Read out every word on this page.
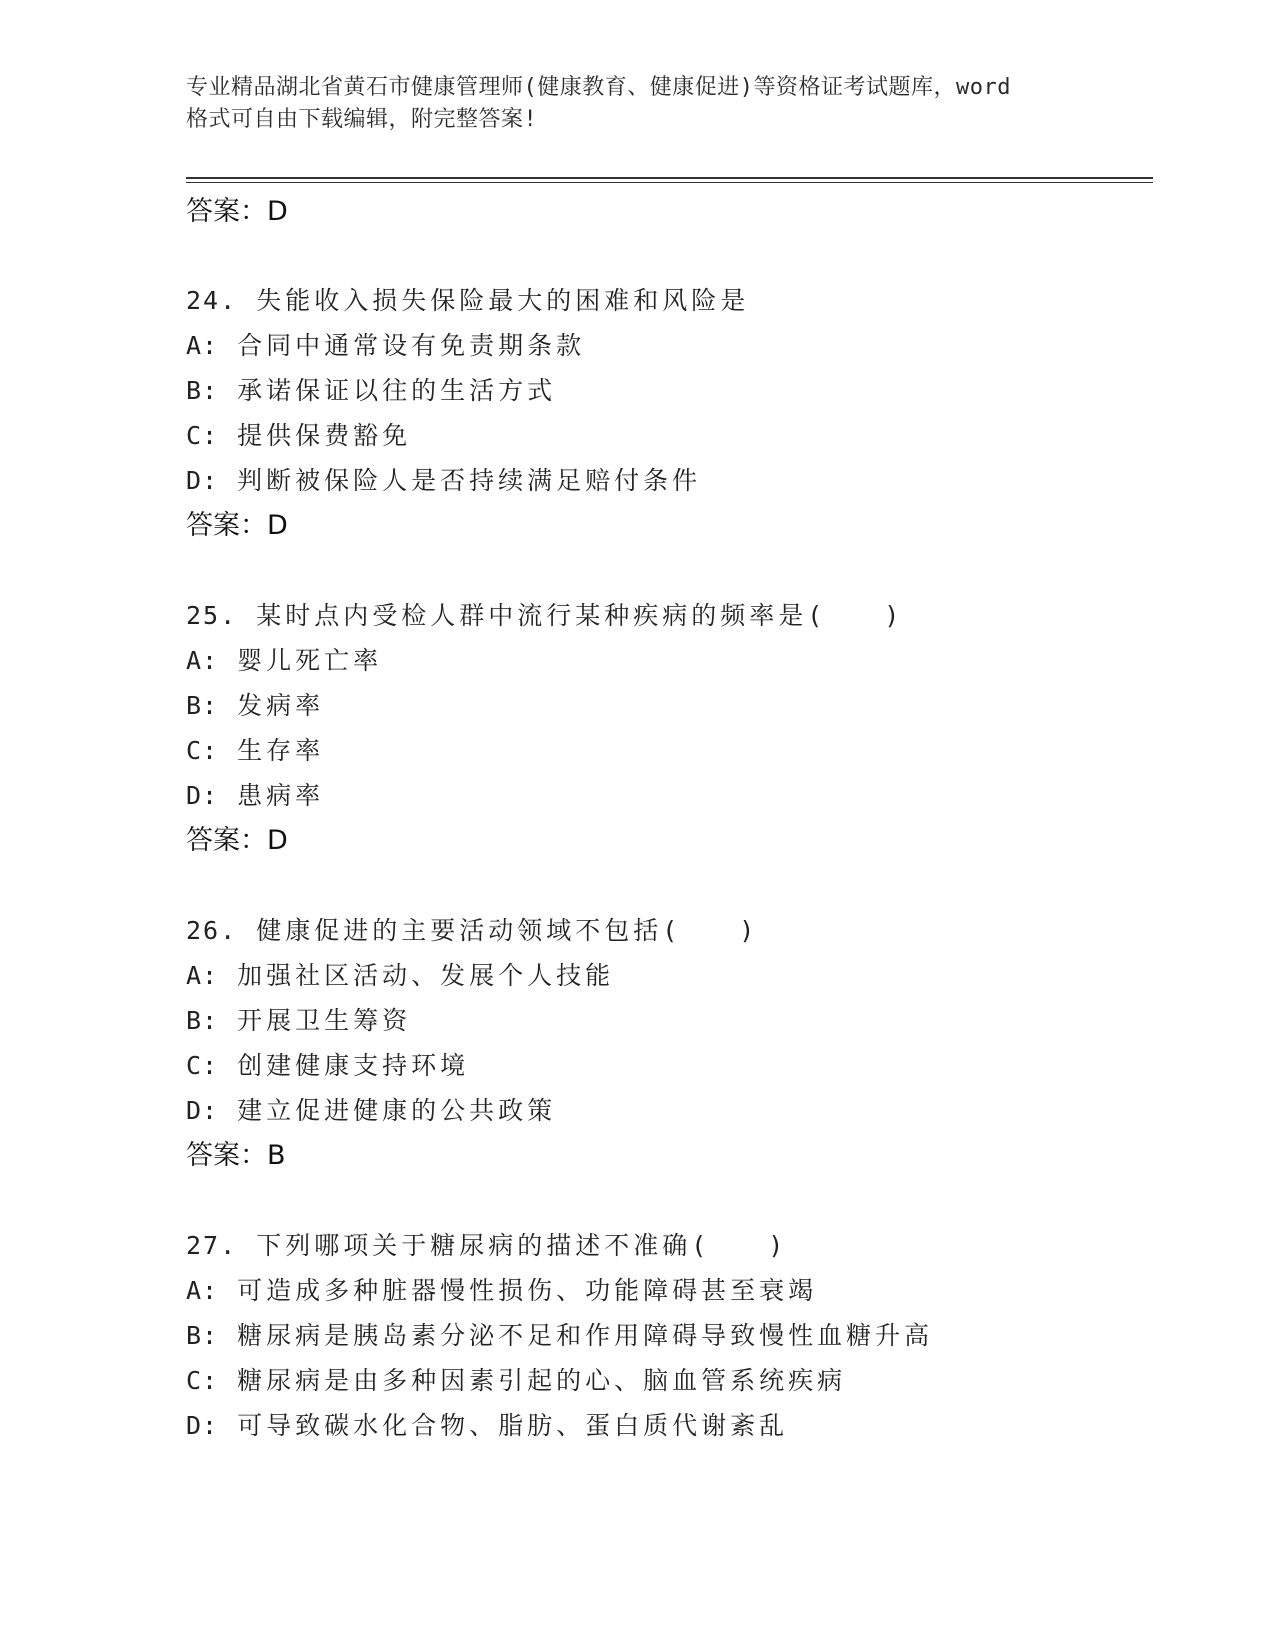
专业精品湖北省黄石市健康管理师(健康教育、健康促进)等资格证考试题库，word
格式可自由下载编辑，附完整答案!
答案：D
24. 失能收入损失保险最大的困难和风险是
A: 合同中通常设有免责期条款
B: 承诺保证以往的生活方式
C: 提供保费豁免
D: 判断被保险人是否持续满足赔付条件
答案：D
25. 某时点内受检人群中流行某种疾病的频率是(　　)
A: 婴儿死亡率
B: 发病率
C: 生存率
D: 患病率
答案：D
26. 健康促进的主要活动领域不包括(　　)
A: 加强社区活动、发展个人技能
B: 开展卫生筹资
C: 创建健康支持环境
D: 建立促进健康的公共政策
答案：B
27. 下列哪项关于糖尿病的描述不准确(　　)
A: 可造成多种脏器慢性损伤、功能障碍甚至衰竭
B: 糖尿病是胰岛素分泌不足和作用障碍导致慢性血糖升高
C: 糖尿病是由多种因素引起的心、脑血管系统疾病
D: 可导致碳水化合物、脂肪、蛋白质代谢紊乱
